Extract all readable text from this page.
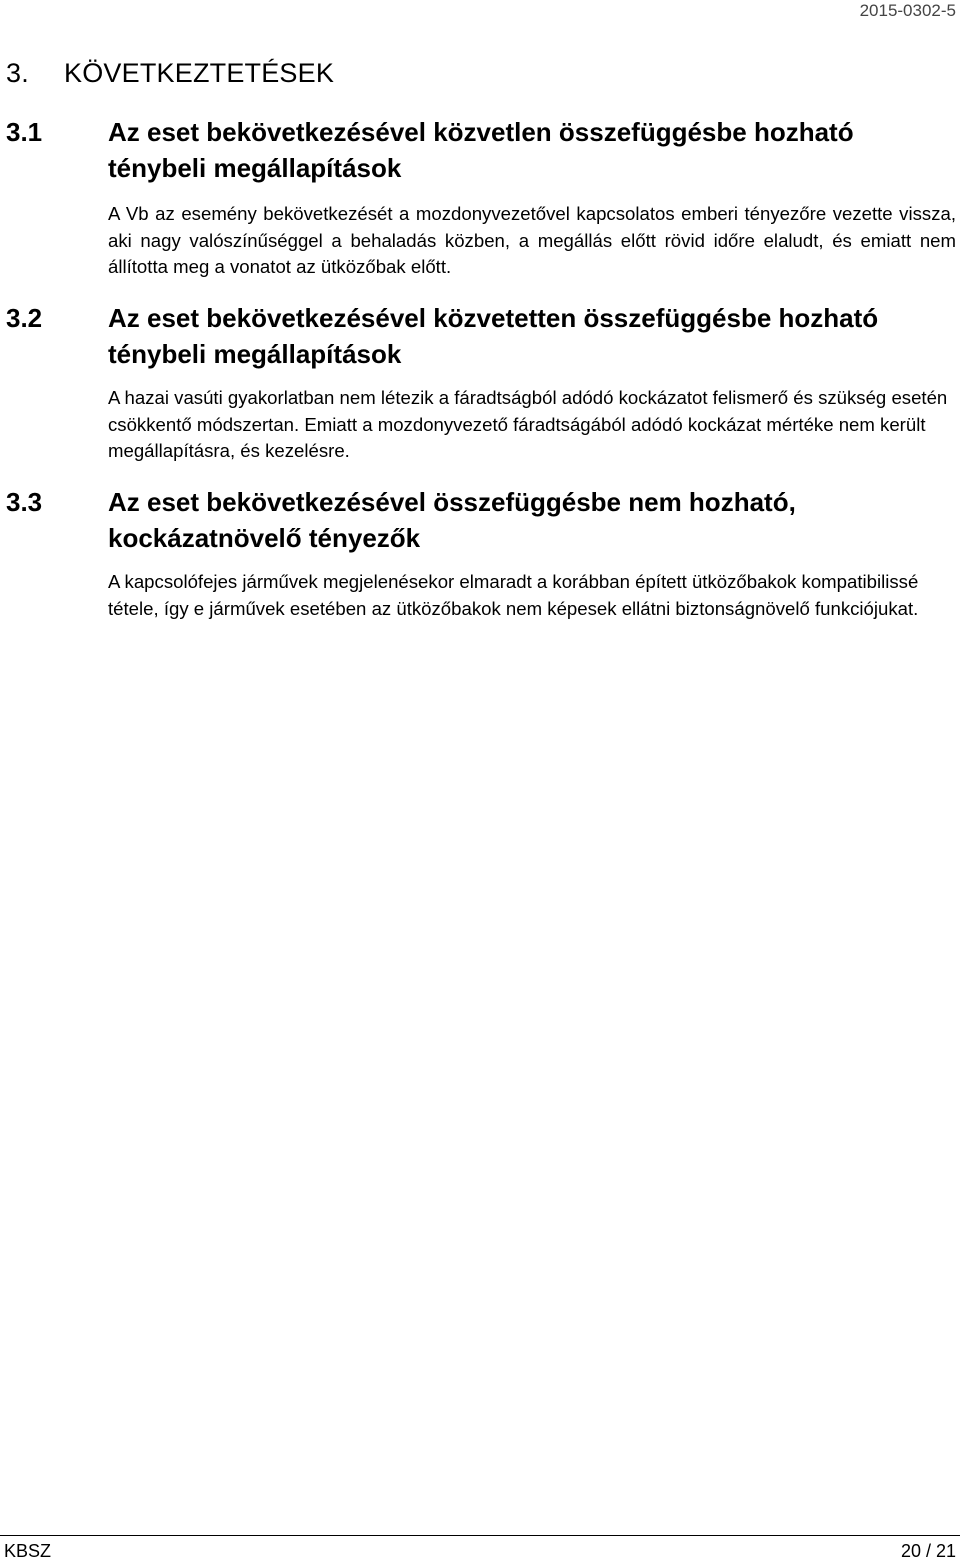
2015-0302-5
3. KÖVETKEZTETÉSEK
3.1	Az eset bekövetkezésével közvetlen összefüggésbe hozható ténybeli megállapítások
A Vb az esemény bekövetkezését a mozdonyvezetővel kapcsolatos emberi tényezőre vezette vissza, aki nagy valószínűséggel a behaladás közben, a megállás előtt rövid időre elaludt, és emiatt nem állította meg a vonatot az ütközőbak előtt.
3.2	Az eset bekövetkezésével közvetetten összefüggésbe hozható ténybeli megállapítások
A hazai vasúti gyakorlatban nem létezik a fáradtságból adódó kockázatot felismerő és szükség esetén csökkentő módszertan. Emiatt a mozdonyvezető fáradtságából adódó kockázat mértéke nem került megállapításra, és kezelésre.
3.3	Az eset bekövetkezésével összefüggésbe nem hozható, kockázatnövelő tényezők
A kapcsolófejes járművek megjelenésekor elmaradt a korábban épített ütközőbakok kompatibilissé tétele, így e járművek esetében az ütközőbakok nem képesek ellátni biztonságnövelő funkciójukat.
KBSZ	20 / 21
